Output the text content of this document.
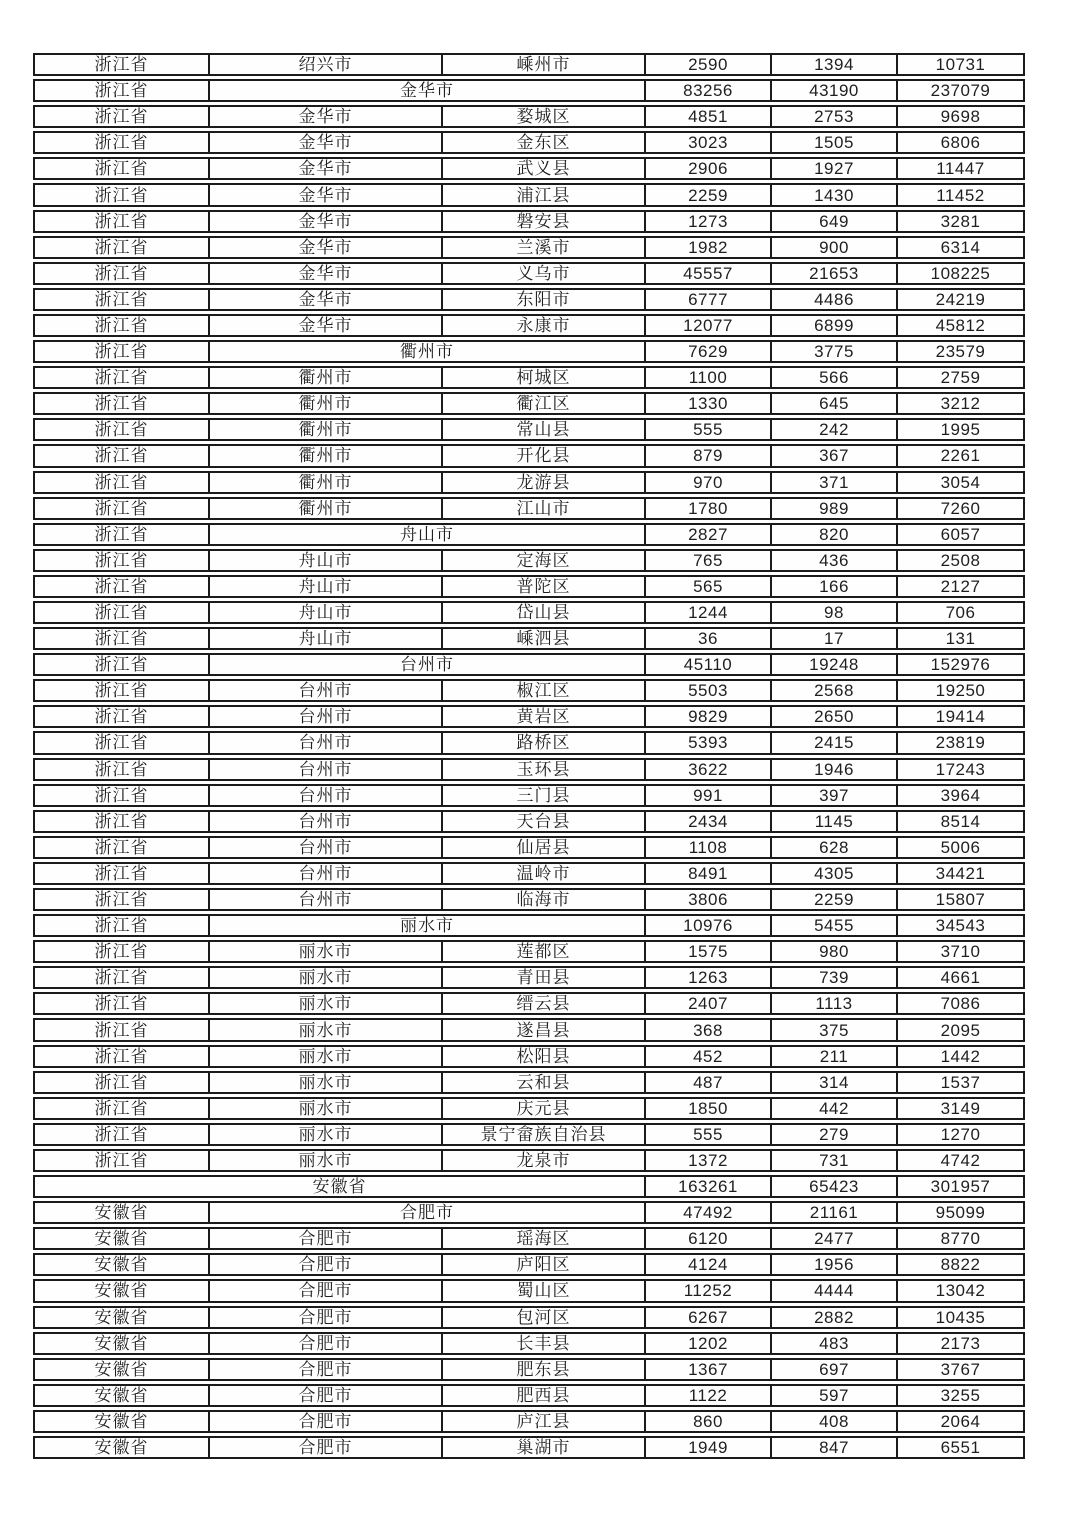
浙江省	绍兴市	嵊州市	2590	1394	10731
浙江省	金华市	83256	43190	237079
浙江省	金华市	婺城区	4851	2753	9698
浙江省	金华市	金东区	3023	1505	6806
浙江省	金华市	武义县	2906	1927	11447
浙江省	金华市	浦江县	2259	1430	11452
浙江省	金华市	磐安县	1273	649	3281
浙江省	金华市	兰溪市	1982	900	6314
浙江省	金华市	义乌市	45557	21653	108225
浙江省	金华市	东阳市	6777	4486	24219
浙江省	金华市	永康市	12077	6899	45812
浙江省	衢州市	7629	3775	23579
浙江省	衢州市	柯城区	1100	566	2759
浙江省	衢州市	衢江区	1330	645	3212
浙江省	衢州市	常山县	555	242	1995
浙江省	衢州市	开化县	879	367	2261
浙江省	衢州市	龙游县	970	371	3054
浙江省	衢州市	江山市	1780	989	7260
浙江省	舟山市	2827	820	6057
浙江省	舟山市	定海区	765	436	2508
浙江省	舟山市	普陀区	565	166	2127
浙江省	舟山市	岱山县	1244	98	706
浙江省	舟山市	嵊泗县	36	17	131
浙江省	台州市	45110	19248	152976
浙江省	台州市	椒江区	5503	2568	19250
浙江省	台州市	黄岩区	9829	2650	19414
浙江省	台州市	路桥区	5393	2415	23819
浙江省	台州市	玉环县	3622	1946	17243
浙江省	台州市	三门县	991	397	3964
浙江省	台州市	天台县	2434	1145	8514
浙江省	台州市	仙居县	1108	628	5006
浙江省	台州市	温岭市	8491	4305	34421
浙江省	台州市	临海市	3806	2259	15807
浙江省	丽水市	10976	5455	34543
浙江省	丽水市	莲都区	1575	980	3710
浙江省	丽水市	青田县	1263	739	4661
浙江省	丽水市	缙云县	2407	1113	7086
浙江省	丽水市	遂昌县	368	375	2095
浙江省	丽水市	松阳县	452	211	1442
浙江省	丽水市	云和县	487	314	1537
浙江省	丽水市	庆元县	1850	442	3149
浙江省	丽水市	景宁畲族自治县	555	279	1270
浙江省	丽水市	龙泉市	1372	731	4742
安徽省	163261	65423	301957
安徽省	合肥市	47492	21161	95099
安徽省	合肥市	瑶海区	6120	2477	8770
安徽省	合肥市	庐阳区	4124	1956	8822
安徽省	合肥市	蜀山区	11252	4444	13042
安徽省	合肥市	包河区	6267	2882	10435
安徽省	合肥市	长丰县	1202	483	2173
安徽省	合肥市	肥东县	1367	697	3767
安徽省	合肥市	肥西县	1122	597	3255
安徽省	合肥市	庐江县	860	408	2064
安徽省	合肥市	巢湖市	1949	847	6551
